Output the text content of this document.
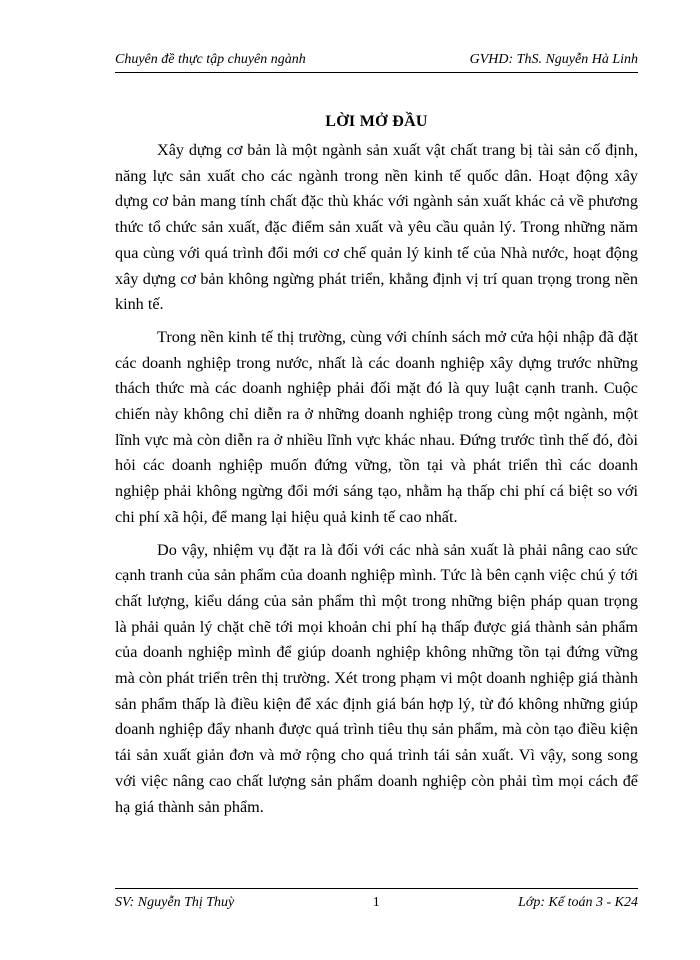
Chuyên đề thực tập chuyên ngành	GVHD: ThS. Nguyễn Hà Linh
LỜI MỞ ĐẦU

Xây dựng cơ bản là một ngành sản xuất vật chất trang bị tài sản cố định, năng lực sản xuất cho các ngành trong nền kinh tế quốc dân. Hoạt động xây dựng cơ bản mang tính chất đặc thù khác với ngành sản xuất khác cả về phương thức tổ chức sản xuất, đặc điểm sản xuất và yêu cầu quản lý. Trong những năm qua cùng với quá trình đổi mới cơ chế quản lý kinh tế của Nhà nước, hoạt động xây dựng cơ bản không ngừng phát triển, khẳng định vị trí quan trọng trong nền kinh tế.

Trong nền kinh tế thị trường, cùng với chính sách mở cửa hội nhập đã đặt các doanh nghiệp trong nước, nhất là các doanh nghiệp xây dựng trước những thách thức mà các doanh nghiệp phải đối mặt đó là quy luật cạnh tranh. Cuộc chiến này không chỉ diễn ra ở những doanh nghiệp trong cùng một ngành, một lĩnh vực mà còn diễn ra ở nhiều lĩnh vực khác nhau. Đứng trước tình thế đó, đòi hỏi các doanh nghiệp muốn đứng vững, tồn tại và phát triển thì các doanh nghiệp phải không ngừng đổi mới sáng tạo, nhằm hạ thấp chi phí cá biệt so với chi phí xã hội, để mang lại hiệu quả kinh tế cao nhất.

Do vậy, nhiệm vụ đặt ra là đối với các nhà sản xuất là phải nâng cao sức cạnh tranh của sản phẩm của doanh nghiệp mình. Tức là bên cạnh việc chú ý tới chất lượng, kiểu dáng của sản phẩm thì một trong những biện pháp quan trọng là phải quản lý chặt chẽ tới mọi khoản chi phí hạ thấp được giá thành sản phẩm của doanh nghiệp mình để giúp doanh nghiệp không những tồn tại đứng vững mà còn phát triển trên thị trường. Xét trong phạm vi một doanh nghiệp giá thành sản phẩm thấp là điều kiện để xác định giá bán hợp lý, từ đó không những giúp doanh nghiệp đẩy nhanh được quá trình tiêu thụ sản phẩm, mà còn tạo điều kiện tái sản xuất giản đơn và mở rộng cho quá trình tái sản xuất. Vì vậy, song song với việc nâng cao chất lượng sản phẩm doanh nghiệp còn phải tìm mọi cách để hạ giá thành sản phẩm.

SV: Nguyễn Thị Thuỳ	1	Lớp: Kế toán 3 - K24
